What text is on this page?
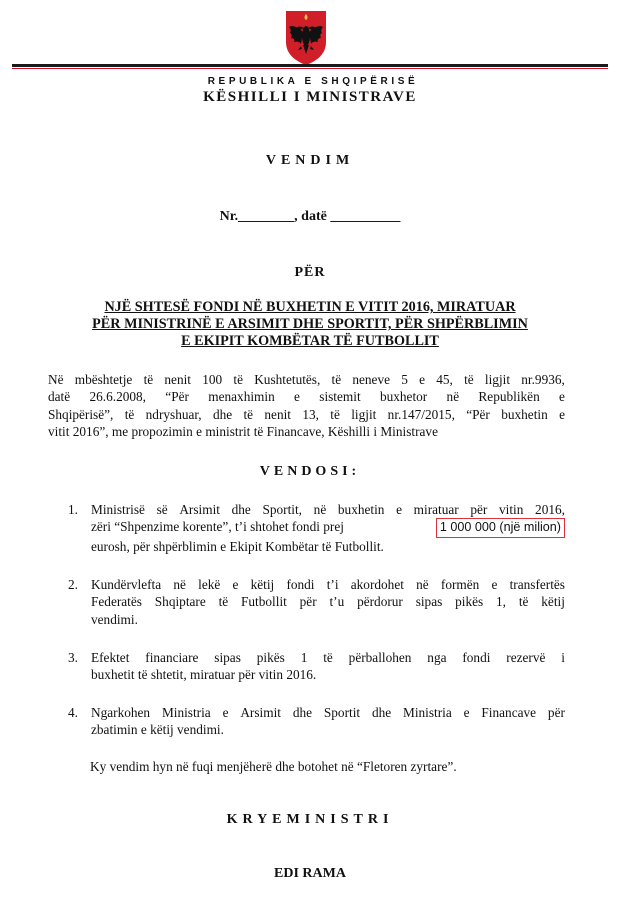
REPUBLIKA E SHQIPËRISË
KËSHILLI I MINISTRAVE
VENDIM
Nr.________, datë __________
PËR
NJË SHTESË FONDI NË BUXHETIN E VITIT 2016, MIRATUAR
PËR MINISTRINË E ARSIMIT DHE SPORTIT, PËR SHPËRBLIMIN
E EKIPIT KOMBËTAR TË FUTBOLLIT
Në mbështetje të nenit 100 të Kushtetutës, të neneve 5 e 45, të ligjit nr.9936,
datë 26.6.2008, “Për menaxhimin e sistemit buxhetor në Republikën e
Shqipërisë”, të ndryshuar, dhe të nenit 13, të ligjit nr.147/2015, “Për buxhetin e
vitit 2016”, me propozimin e ministrit të Financave, Këshilli i Ministrave
VENDOSI:
1. Ministrisë së Arsimit dhe Sportit, në buxhetin e miratuar për vitin 2016,
zëri “Shpenzime korente”, t’i shtohet fondi prej	1 000 000 (një milion)
eurosh, për shpërblimin e Ekipit Kombëtar të Futbollit.
2. Kundërvlefta në lekë e këtij fondi t’i akordohet në formën e transfertës
Federatës Shqiptare të Futbollit për t’u përdorur sipas pikës 1, të këtij
vendimi.
3. Efektet financiare sipas pikës 1 të përballohen nga fondi rezervë i
buxhetit të shtetit, miratuar për vitin 2016.
4. Ngarkohen Ministria e Arsimit dhe Sportit dhe Ministria e Financave për
zbatimin e këtij vendimi.
Ky vendim hyn në fuqi menjëherë dhe botohet në “Fletoren zyrtare”.
KRYEMINISTRI
EDI RAMA
